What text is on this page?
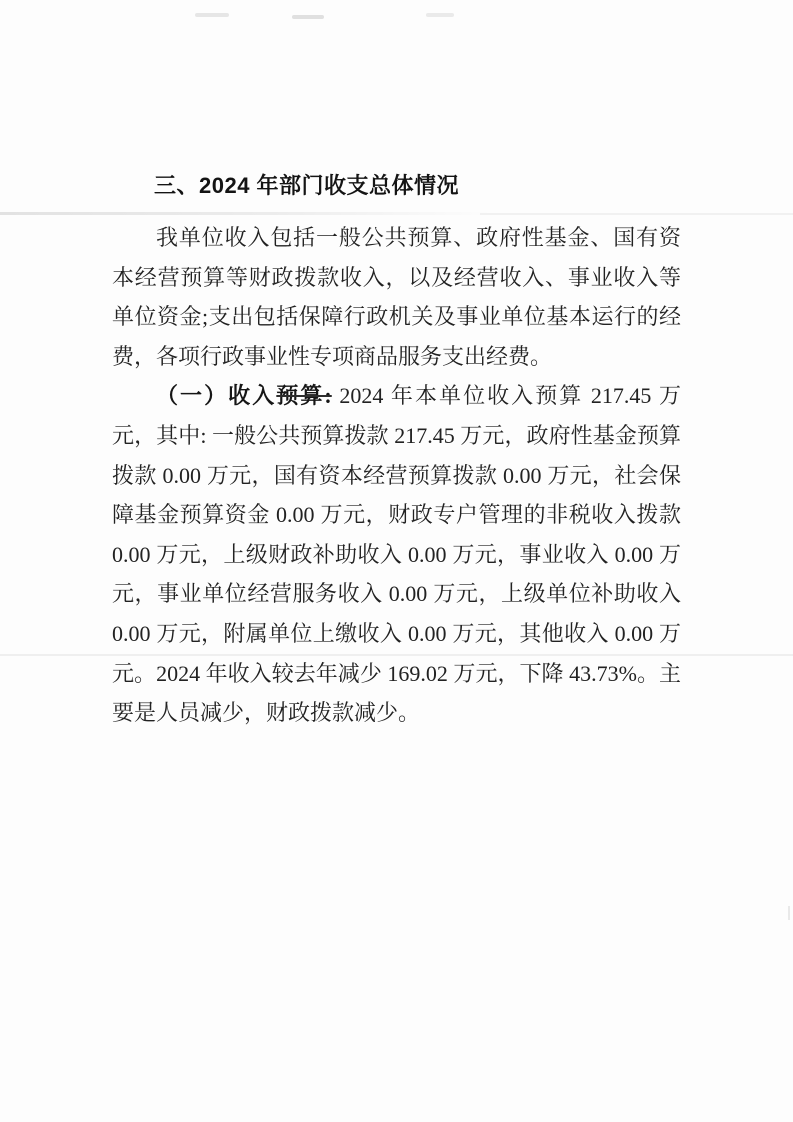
三、2024 年部门收支总体情况

我单位收入包括一般公共预算、政府性基金、国有资本经营预算等财政拨款收入，以及经营收入、事业收入等单位资金;支出包括保障行政机关及事业单位基本运行的经费，各项行政事业性专项商品服务支出经费。

（一）收入预算: 2024 年本单位收入预算 217.45 万元，其中: 一般公共预算拨款 217.45 万元，政府性基金预算拨款 0.00 万元，国有资本经营预算拨款 0.00 万元，社会保障基金预算资金 0.00 万元，财政专户管理的非税收入拨款 0.00 万元，上级财政补助收入 0.00 万元，事业收入 0.00 万元，事业单位经营服务收入 0.00 万元，上级单位补助收入 0.00 万元，附属单位上缴收入 0.00 万元，其他收入 0.00 万元。2024 年收入较去年减少 169.02 万元，下降 43.73%。主要是人员减少，财政拨款减少。
